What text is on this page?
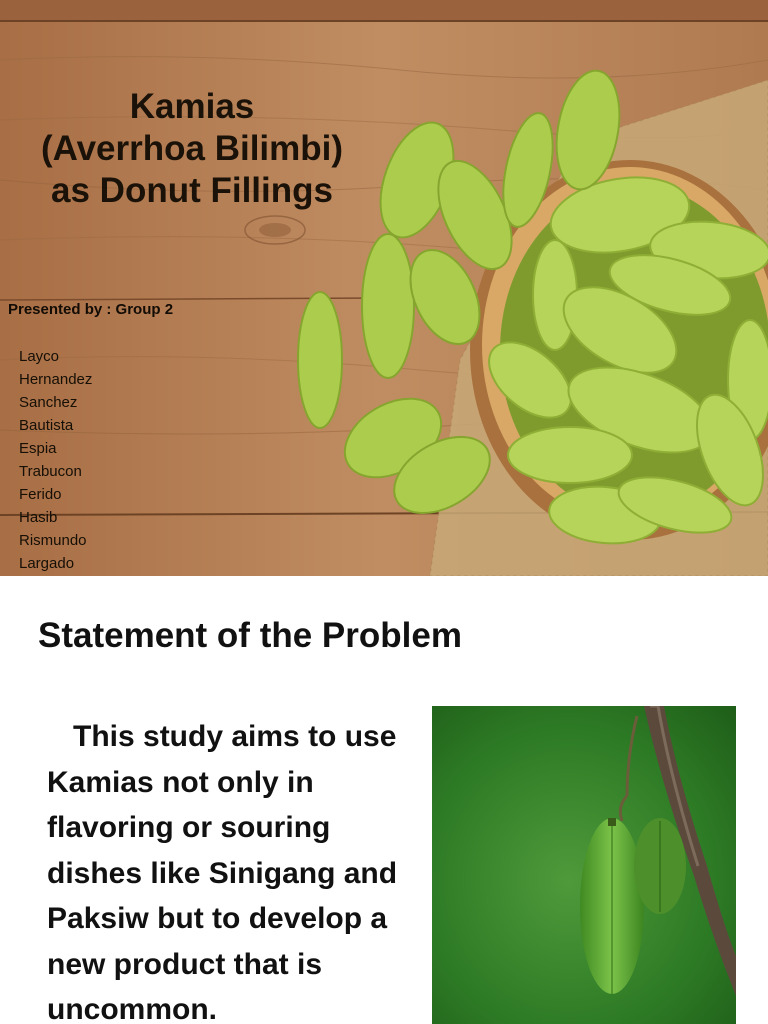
Kamias
(Averrhoa Bilimbi)
as Donut Fillings
Presented by : Group 2
Layco
Hernandez
Sanchez
Bautista
Espia
Trabucon
Ferido
Hasib
Rismundo
Largado
Statement of the Problem
This study aims to use Kamias not only in flavoring or souring dishes like Sinigang and Paksiw but to develop a new product that is uncommon.
